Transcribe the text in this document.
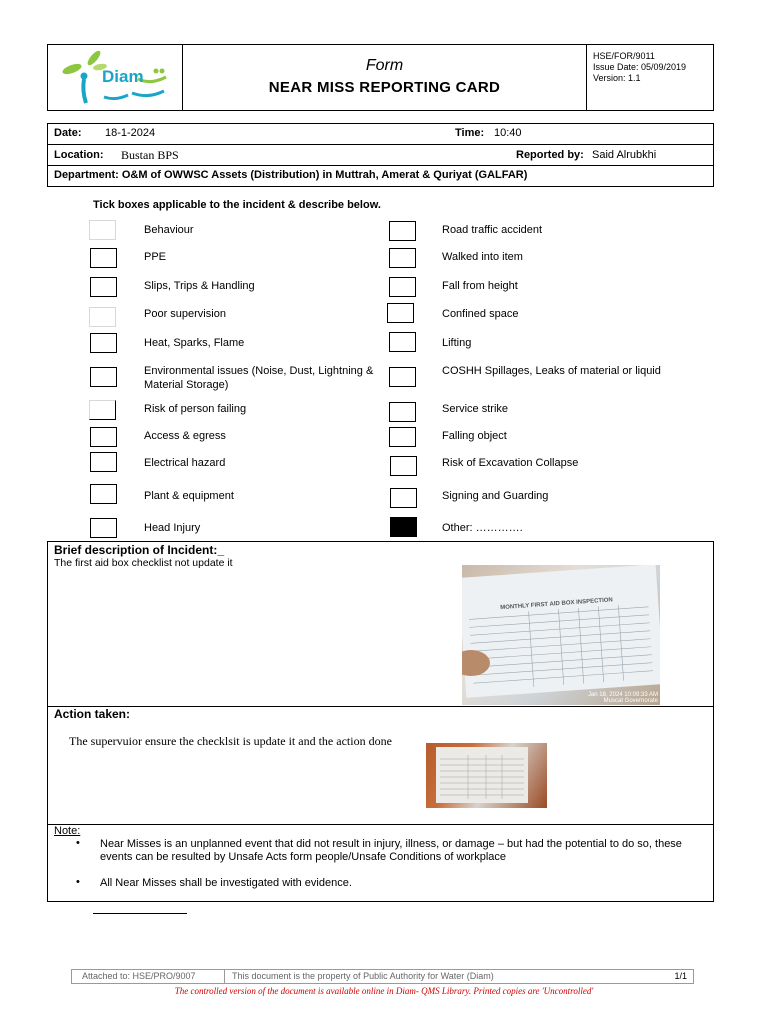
Diam
Form
NEAR MISS REPORTING CARD
HSE/FOR/9011
Issue Date: 05/09/2019
Version: 1.1
Date: 18-1-2024	Time: 10:40
Location: Bustan BPS	Reported by: Said Alrubkhi
Department: O&M of OWWSC Assets (Distribution) in Muttrah, Amerat & Quriyat (GALFAR)
Tick boxes applicable to the incident & describe below.
Behaviour
PPE
Slips, Trips & Handling
Poor supervision
Heat, Sparks, Flame
Environmental issues (Noise, Dust, Lightning & Material Storage)
Risk of person failing
Access & egress
Electrical hazard
Plant & equipment
Head Injury
Road traffic accident
Walked into item
Fall from height
Confined space
Lifting
COSHH Spillages, Leaks of material or liquid
Service strike
Falling object
Risk of Excavation Collapse
Signing and Guarding
Other: ………….
Brief description of Incident:_
The first aid box checklist not update it
MONTHLY FIRST AID BOX INSPECTION
Jan 18, 2024 10:09:33 AM
Muscat Governorate
Action taken:
The supervuior ensure the checklsit is update it and the action done
Note:
• Near Misses is an unplanned event that did not result in injury, illness, or damage – but had the potential to do so, these events can be resulted by Unsafe Acts form people/Unsafe Conditions of workplace
• All Near Misses shall be investigated with evidence.
Attached to: HSE/PRO/9007	This document is the property of Public Authority for Water (Diam)	1/1
The controlled version of the document is available online in Diam- QMS Library. Printed copies are 'Uncontrolled'
